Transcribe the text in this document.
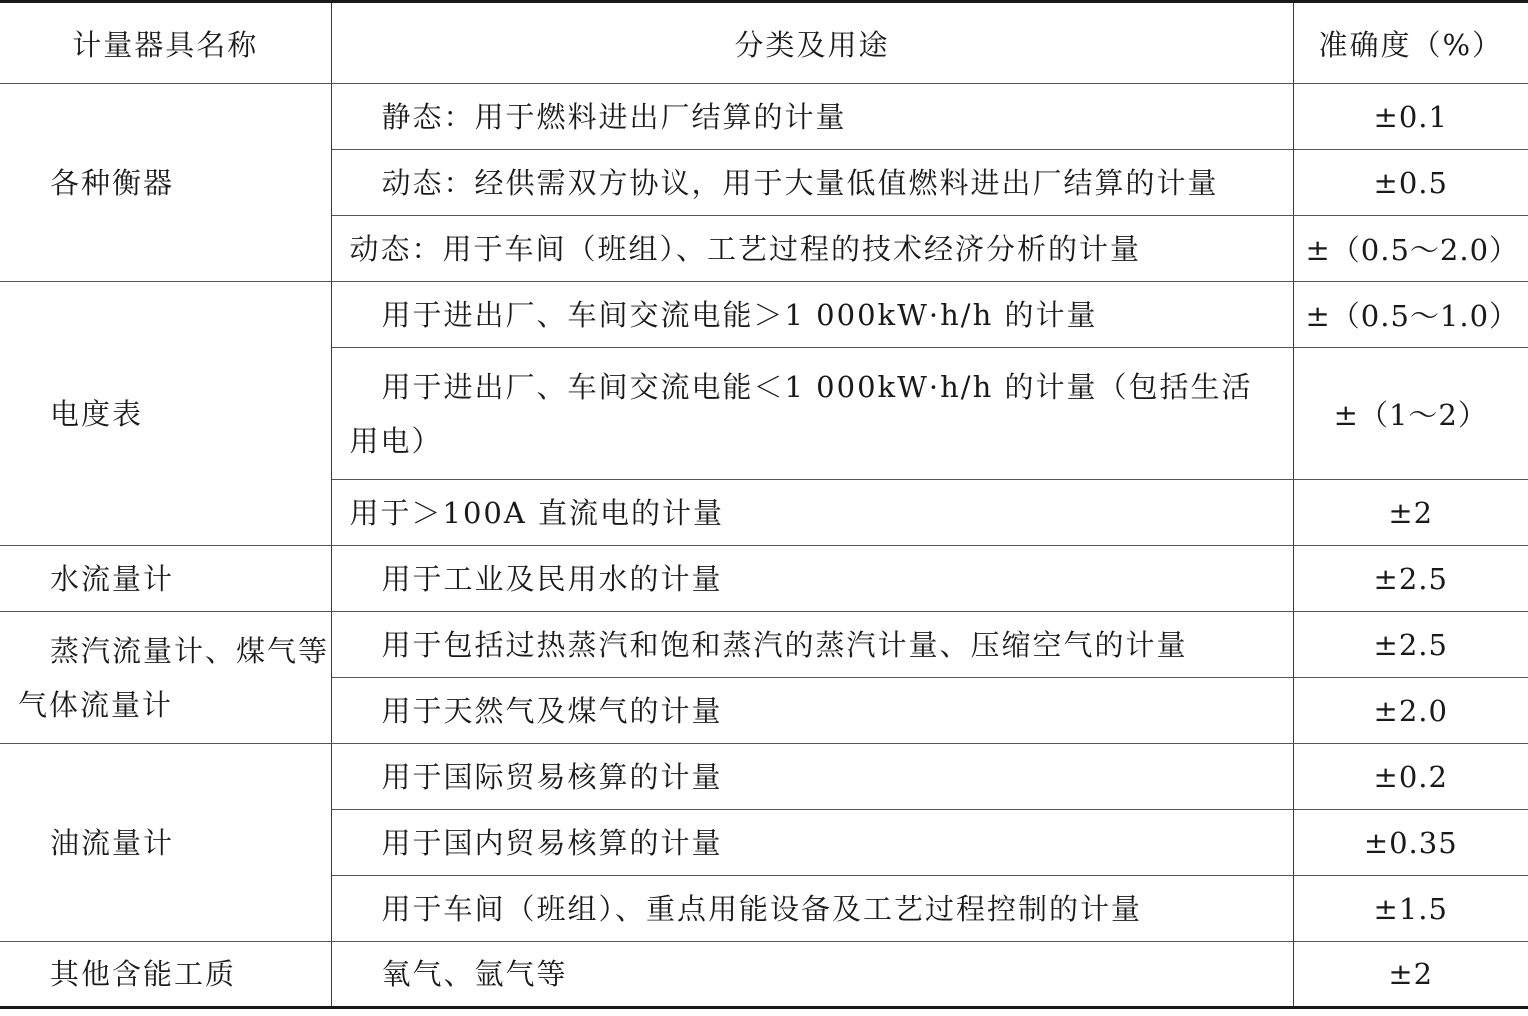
计量器具名称	分类及用途	准确度（%）
各种衡器	静态：用于燃料进出厂结算的计量	±0.1
	动态：经供需双方协议，用于大量低值燃料进出厂结算的计量	±0.5
	动态：用于车间（班组）、工艺过程的技术经济分析的计量	±（0.5～2.0）
电度表	用于进出厂、车间交流电能＞1 000kW·h/h 的计量	±（0.5～1.0）
	用于进出厂、车间交流电能＜1 000kW·h/h 的计量（包括生活用电）	±（1～2）
	用于＞100A 直流电的计量	±2
水流量计	用于工业及民用水的计量	±2.5
蒸汽流量计、煤气等气体流量计	用于包括过热蒸汽和饱和蒸汽的蒸汽计量、压缩空气的计量	±2.5
	用于天然气及煤气的计量	±2.0
油流量计	用于国际贸易核算的计量	±0.2
	用于国内贸易核算的计量	±0.35
	用于车间（班组）、重点用能设备及工艺过程控制的计量	±1.5
其他含能工质	氧气、氩气等	±2
